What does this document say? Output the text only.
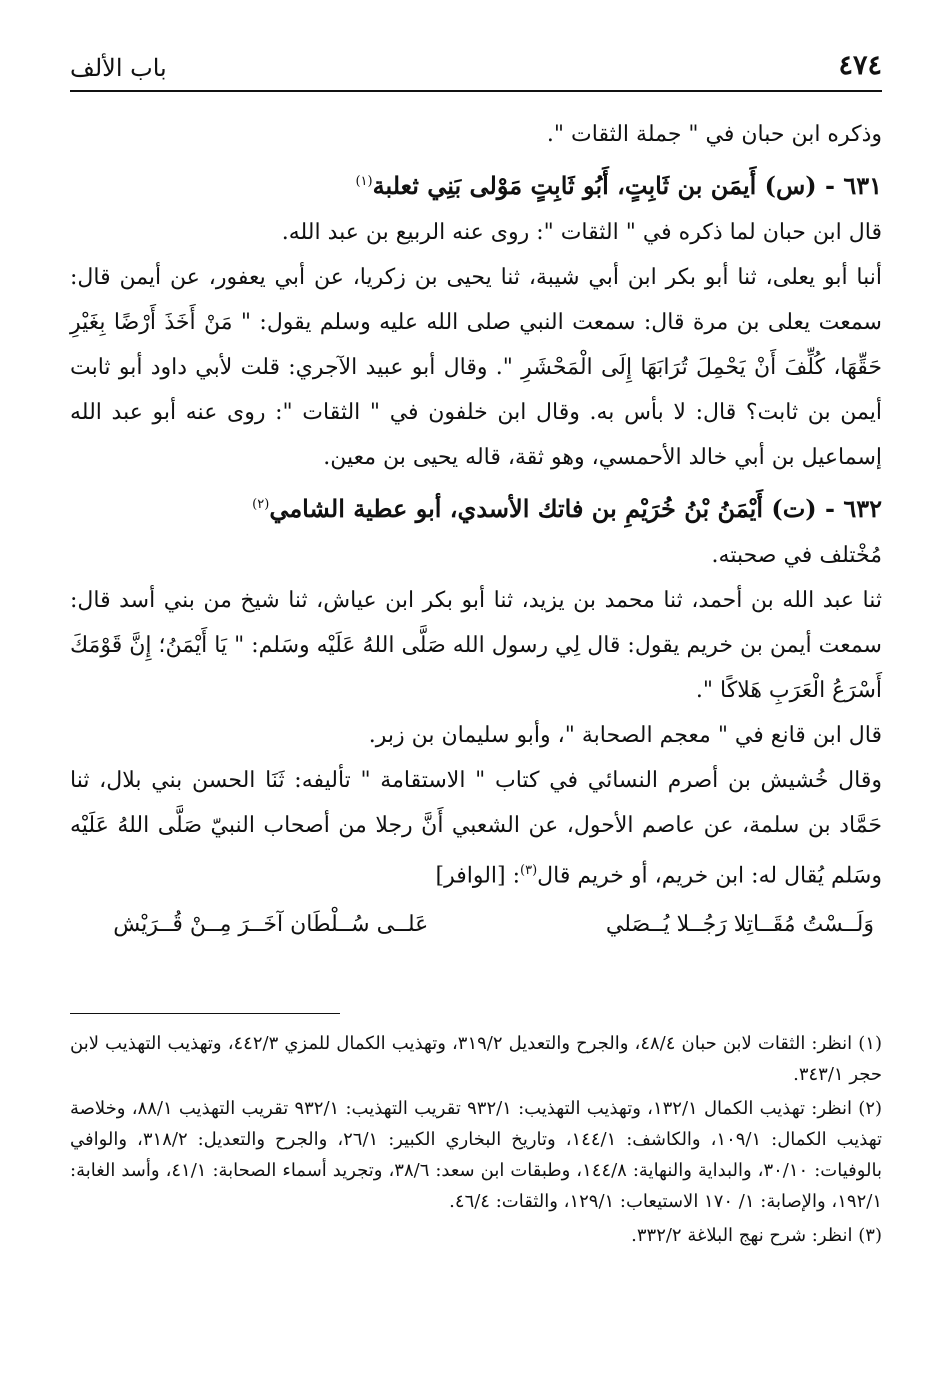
٤٧٤
باب الألف

وذكره ابن حبان في " جملة الثقات ".

٦٣١ - (س) أَيمَن بن ثَابِتٍ، أَبُو ثَابِتٍ مَوْلى بَنِي ثعلبة$^{(١)}$

قال ابن حبان لما ذكره في " الثقات ": روى عنه الربيع بن عبد الله.

أنبا أبو يعلى، ثنا أبو بكر ابن أبي شيبة، ثنا يحيى بن زكريا، عن أبي يعفور، عن أيمن قال: سمعت يعلى بن مرة قال: سمعت النبي صلى الله عليه وسلم يقول: " مَنْ أَخَذَ أَرْضًا بِغَيْرِ حَقِّهَا، كُلِّفَ أَنْ يَحْمِلَ تُرَابَهَا إِلَى الْمَحْشَرِ ". وقال أبو عبيد الآجري: قلت لأبي داود أبو ثابت أيمن بن ثابت؟ قال: لا بأس به. وقال ابن خلفون في " الثقات ": روى عنه أبو عبد الله إسماعيل بن أبي خالد الأحمسي، وهو ثقة، قاله يحيى بن معين.

٦٣٢ - (ت) أَيْمَنُ بْنُ خُرَيْمِ بن فاتك الأسدي، أبو عطية الشامي$^{(٢)}$

مُخْتلف في صحبته.

ثنا عبد الله بن أحمد، ثنا محمد بن يزيد، ثنا أبو بكر ابن عياش، ثنا شيخ من بني أسد قال: سمعت أيمن بن خريم يقول: قال لِي رسول الله صَلَّى اللهُ عَلَيْه وسَلم: " يَا أَيْمَنُ؛ إِنَّ قَوْمَكَ أَسْرَعُ الْعَرَبِ هَلاكًا ".

قال ابن قانع في " معجم الصحابة "، وأبو سليمان بن زبر.

وقال خُشيش بن أصرم النسائي في كتاب " الاستقامة " تأليفه: ثَنَا الحسن بني بلال، ثنا حَمَّاد بن سلمة، عن عاصم الأحول، عن الشعبي أَنَّ رجلا من أصحاب النبيّ صَلَّى اللهُ عَلَيْه وسَلم يُقال له: ابن خريم، أو خريم قال$^{(٣)}$: [الوافر]

وَلَــسْتُ مُقَــاتِلا رَجُــلا يُــصَلي
عَلــى سُــلْطَان آخَــرَ مِــنْ قُــرَيْش

(١) انظر: الثقات لابن حبان ٤٨/٤، والجرح والتعديل ٣١٩/٢، وتهذيب الكمال للمزي ٤٤٢/٣، وتهذيب التهذيب لابن حجر ٣٤٣/١.

(٢) انظر: تهذيب الكمال ١٣٢/١، وتهذيب التهذيب: ٩٣٢/١ تقريب التهذيب: ٩٣٢/١ تقريب التهذيب ٨٨/١، وخلاصة تهذيب الكمال: ١٠٩/١، والكاشف: ١٤٤/١، وتاريخ البخاري الكبير: ٢٦/١، والجرح والتعديل: ٣١٨/٢، والوافي بالوفيات: ٣٠/١٠، والبداية والنهاية: ١٤٤/٨، وطبقات ابن سعد: ٣٨/٦، وتجريد أسماء الصحابة: ٤١/١، وأسد الغابة: ١٩٢/١، والإصابة: ١/ ١٧٠ الاستيعاب: ١٢٩/١، والثقات: ٤٦/٤.

(٣) انظر: شرح نهج البلاغة ٣٣٢/٢.
